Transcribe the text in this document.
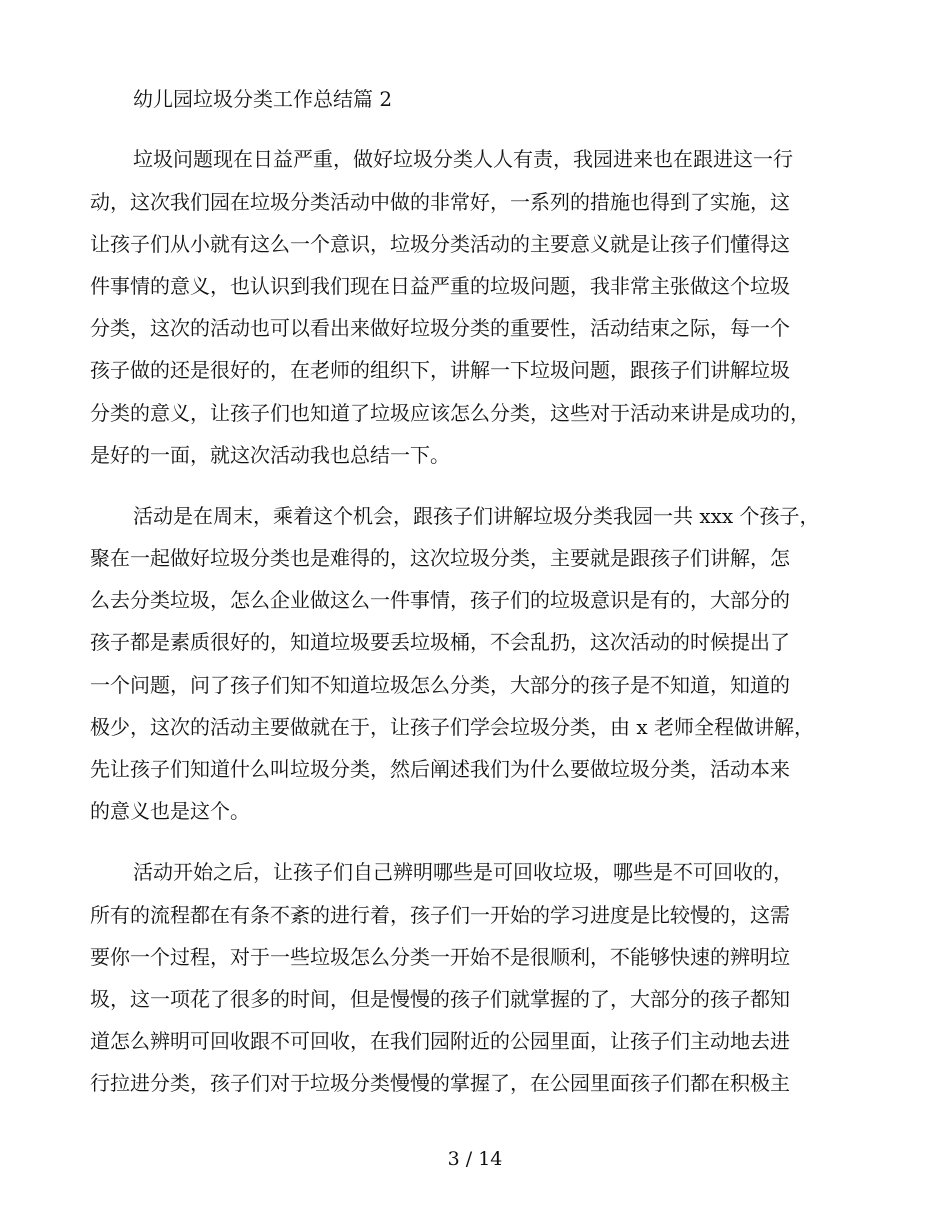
幼儿园垃圾分类工作总结篇 2

垃圾问题现在日益严重，做好垃圾分类人人有责，我园进来也在跟进这一行

动，这次我们园在垃圾分类活动中做的非常好，一系列的措施也得到了实施，这

让孩子们从小就有这么一个意识，垃圾分类活动的主要意义就是让孩子们懂得这

件事情的意义，也认识到我们现在日益严重的垃圾问题，我非常主张做这个垃圾

分类，这次的活动也可以看出来做好垃圾分类的重要性，活动结束之际，每一个

孩子做的还是很好的，在老师的组织下，讲解一下垃圾问题，跟孩子们讲解垃圾

分类的意义，让孩子们也知道了垃圾应该怎么分类，这些对于活动来讲是成功的，

是好的一面，就这次活动我也总结一下。

活动是在周末，乘着这个机会，跟孩子们讲解垃圾分类我园一共 xxx 个孩子，

聚在一起做好垃圾分类也是难得的，这次垃圾分类，主要就是跟孩子们讲解，怎

么去分类垃圾，怎么企业做这么一件事情，孩子们的垃圾意识是有的，大部分的

孩子都是素质很好的，知道垃圾要丢垃圾桶，不会乱扔，这次活动的时候提出了

一个问题，问了孩子们知不知道垃圾怎么分类，大部分的孩子是不知道，知道的

极少，这次的活动主要做就在于，让孩子们学会垃圾分类，由 x 老师全程做讲解，

先让孩子们知道什么叫垃圾分类，然后阐述我们为什么要做垃圾分类，活动本来

的意义也是这个。

活动开始之后，让孩子们自己辨明哪些是可回收垃圾，哪些是不可回收的，

所有的流程都在有条不紊的进行着，孩子们一开始的学习进度是比较慢的，这需

要你一个过程，对于一些垃圾怎么分类一开始不是很顺利，不能够快速的辨明垃

圾，这一项花了很多的时间，但是慢慢的孩子们就掌握的了，大部分的孩子都知

道怎么辨明可回收跟不可回收，在我们园附近的公园里面，让孩子们主动地去进

行拉进分类，孩子们对于垃圾分类慢慢的掌握了，在公园里面孩子们都在积极主

3 / 14
